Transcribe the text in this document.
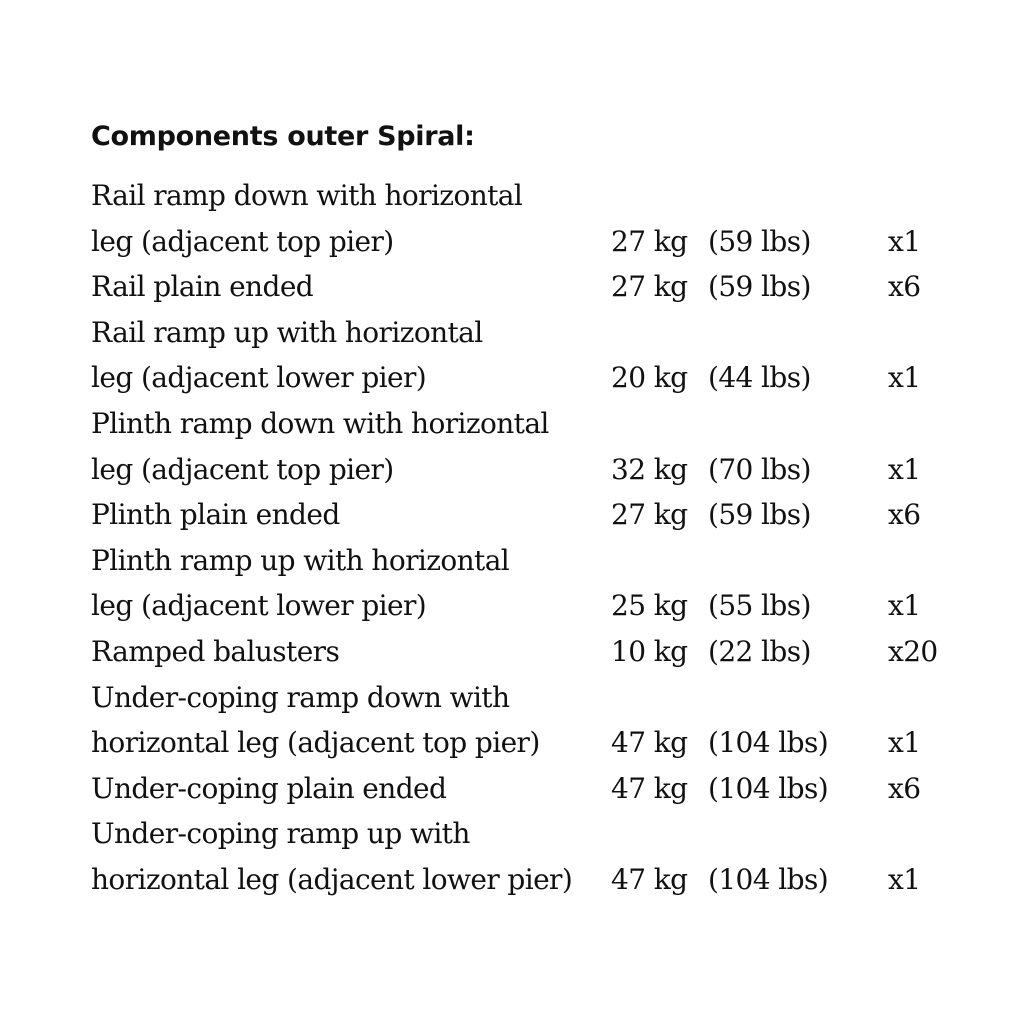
Components outer Spiral:
Rail ramp down with horizontal
leg (adjacent top pier)	27 kg (59 lbs)	x1
Rail plain ended	27 kg (59 lbs)	x6
Rail ramp up with horizontal
leg (adjacent lower pier)	20 kg (44 lbs)	x1
Plinth ramp down with horizontal
leg (adjacent top pier)	32 kg (70 lbs)	x1
Plinth plain ended	27 kg (59 lbs)	x6
Plinth ramp up with horizontal
leg (adjacent lower pier)	25 kg (55 lbs)	x1
Ramped balusters	10 kg (22 lbs)	x20
Under-coping ramp down with
horizontal leg (adjacent top pier)	47 kg (104 lbs) x1
Under-coping plain ended	47 kg (104 lbs) x6
Under-coping ramp up with
horizontal leg (adjacent lower pier) 47 kg (104 lbs) x1
